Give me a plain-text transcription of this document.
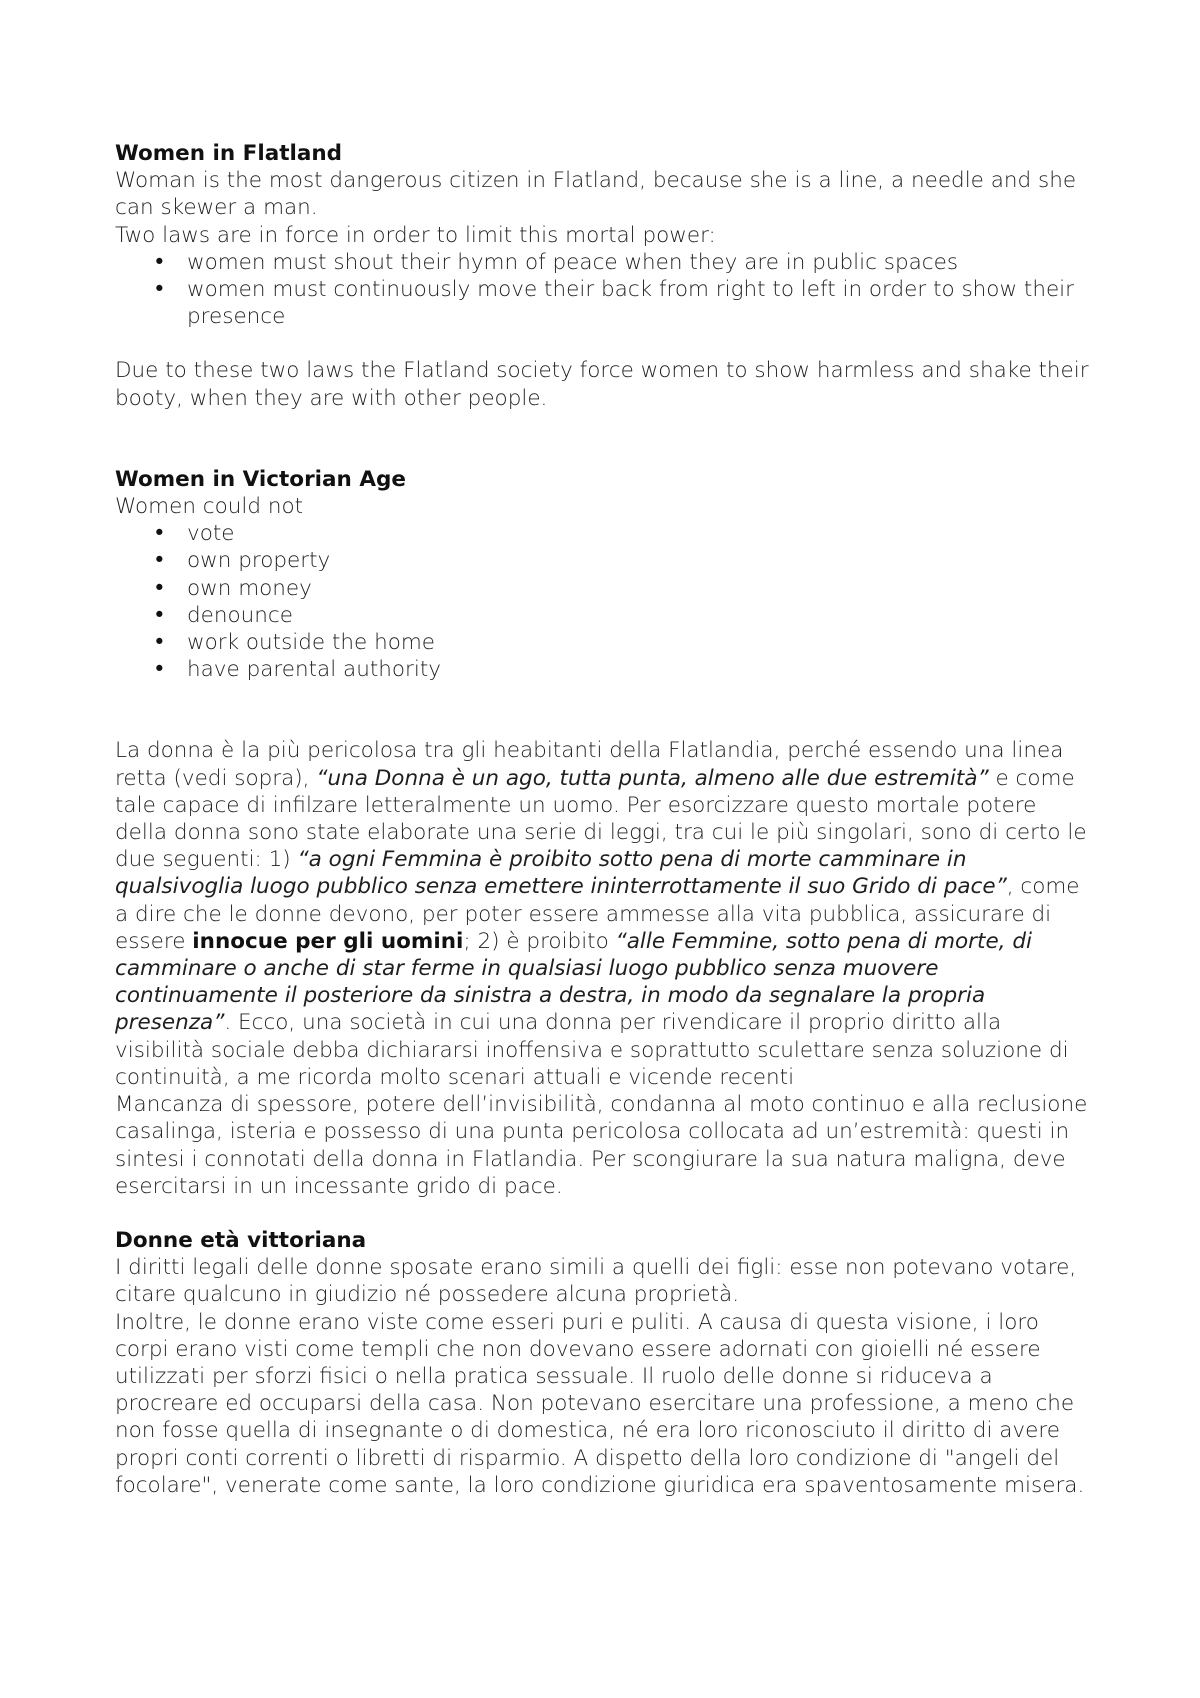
Women in Flatland

Woman is the most dangerous citizen in Flatland, because she is a line, a needle and she can skewer a man.

Two laws are in force in order to limit this mortal power:

• women must shout their hymn of peace when they are in public spaces
• women must continuously move their back from right to left in order to show their presence

Due to these two laws the Flatland society force women to show harmless and shake their booty, when they are with other people.

Women in Victorian Age

Women could not

• vote
• own property
• own money
• denounce
• work outside the home
• have parental authority

La donna è la più pericolosa tra gli heabitanti della Flatlandia, perché essendo una linea retta (vedi sopra), “una Donna è un ago, tutta punta, almeno alle due estremità” e come tale capace di infilzare letteralmente un uomo. Per esorcizzare questo mortale potere della donna sono state elaborate una serie di leggi, tra cui le più singolari, sono di certo le due seguenti: 1) “a ogni Femmina è proibito sotto pena di morte camminare in qualsivoglia luogo pubblico senza emettere ininterrottamente il suo Grido di pace”, come a dire che le donne devono, per poter essere ammesse alla vita pubblica, assicurare di essere innocue per gli uomini; 2) è proibito “alle Femmine, sotto pena di morte, di camminare o anche di star ferme in qualsiasi luogo pubblico senza muovere continuamente il posteriore da sinistra a destra, in modo da segnalare la propria presenza”. Ecco, una società in cui una donna per rivendicare il proprio diritto alla visibilità sociale debba dichiararsi inoffensiva e soprattutto sculettare senza soluzione di continuità, a me ricorda molto scenari attuali e vicende recenti

Mancanza di spessore, potere dell’invisibilità, condanna al moto continuo e alla reclusione casalinga, isteria e possesso di una punta pericolosa collocata ad un’estremità: questi in sintesi i connotati della donna in Flatlandia. Per scongiurare la sua natura maligna, deve esercitarsi in un incessante grido di pace.

Donne età vittoriana

I diritti legali delle donne sposate erano simili a quelli dei figli: esse non potevano votare, citare qualcuno in giudizio né possedere alcuna proprietà.

Inoltre, le donne erano viste come esseri puri e puliti. A causa di questa visione, i loro corpi erano visti come templi che non dovevano essere adornati con gioielli né essere utilizzati per sforzi fisici o nella pratica sessuale. Il ruolo delle donne si riduceva a procreare ed occuparsi della casa. Non potevano esercitare una professione, a meno che non fosse quella di insegnante o di domestica, né era loro riconosciuto il diritto di avere propri conti correnti o libretti di risparmio. A dispetto della loro condizione di "angeli del focolare", venerate come sante, la loro condizione giuridica era spaventosamente misera.
